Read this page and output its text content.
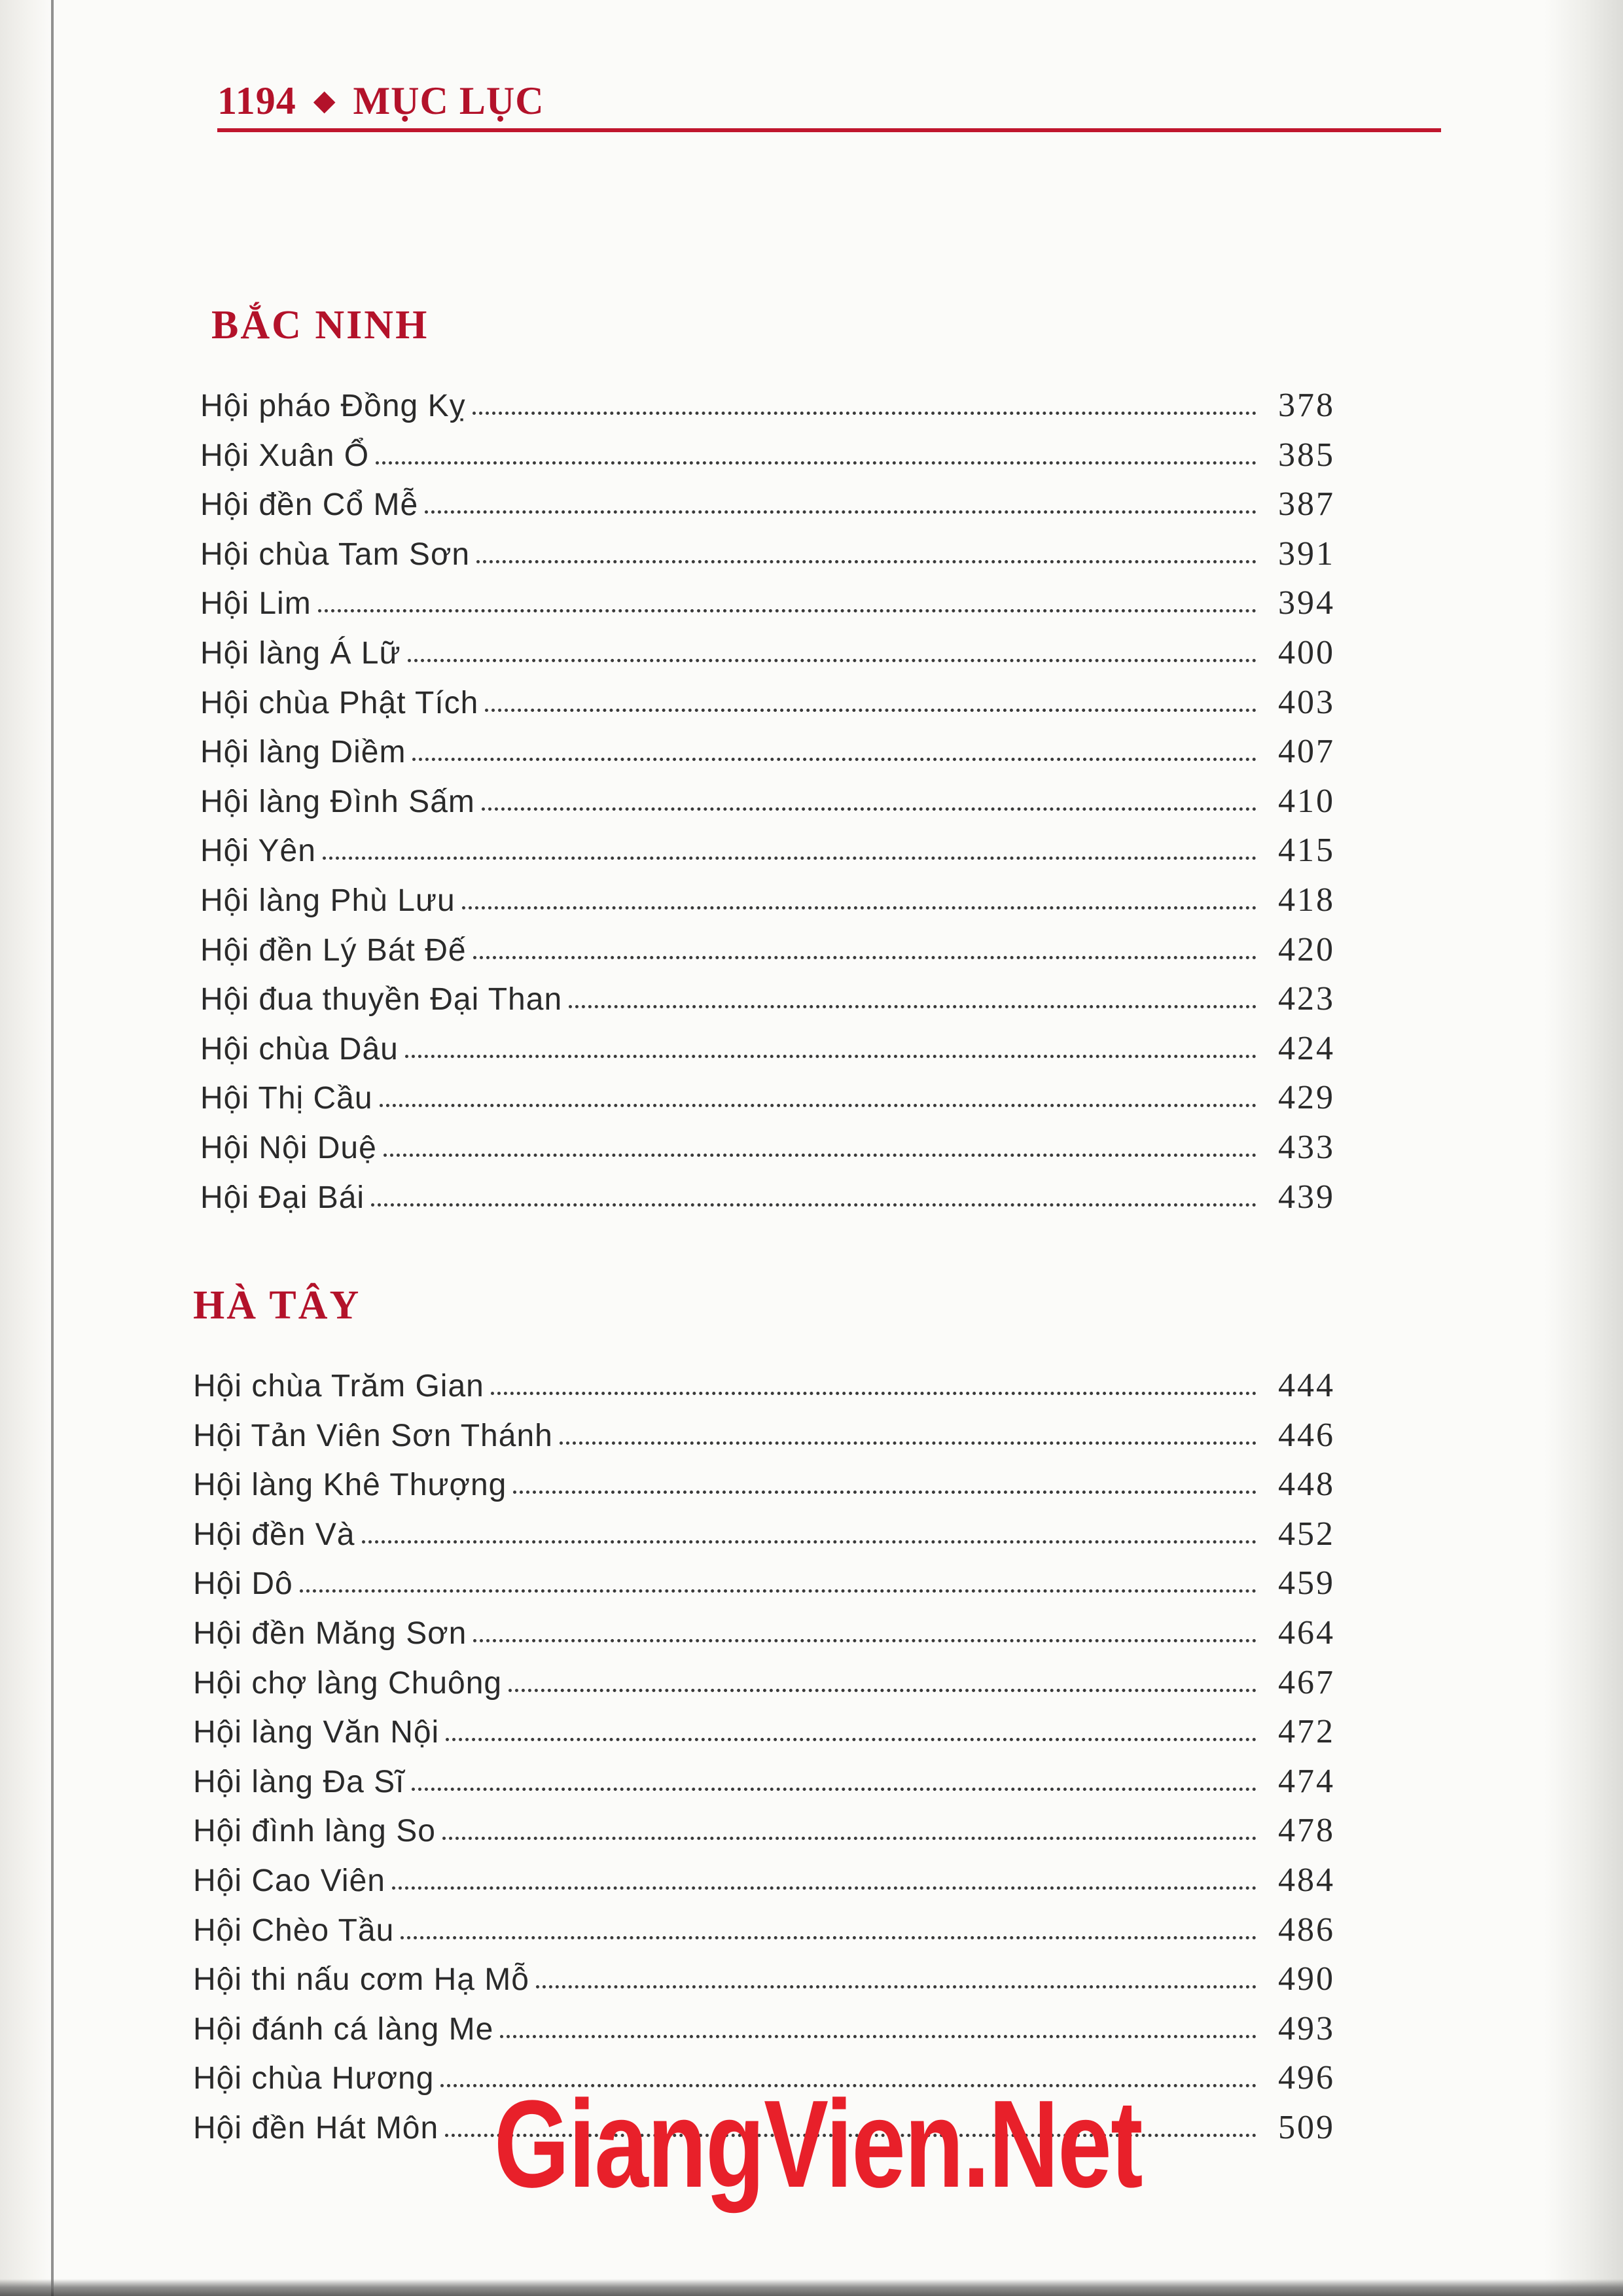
1194 ◆ MỤC LỤC
BẮC NINH
Hội pháo Đồng Kỵ	378
Hội Xuân Ổ	385
Hội đền Cổ Mễ	387
Hội chùa Tam Sơn	391
Hội Lim	394
Hội làng Á Lữ	400
Hội chùa Phật Tích	403
Hội làng Diềm	407
Hội làng Đình Sấm	410
Hội Yên	415
Hội làng Phù Lưu	418
Hội đền Lý Bát Đế	420
Hội đua thuyền Đại Than	423
Hội chùa Dâu	424
Hội Thị Cầu	429
Hội Nội Duệ	433
Hội Đại Bái	439
HÀ TÂY
Hội chùa Trăm Gian	444
Hội Tản Viên Sơn Thánh	446
Hội làng Khê Thượng	448
Hội đền Và	452
Hội Dô	459
Hội đền Măng Sơn	464
Hội chợ làng Chuông	467
Hội làng Văn Nội	472
Hội làng Đa Sĩ	474
Hội đình làng So	478
Hội Cao Viên	484
Hội Chèo Tầu	486
Hội thi nấu cơm Hạ Mỗ	490
Hội đánh cá làng Me	493
Hội chùa Hương	496
Hội đền Hát Môn	509
GiangVien.Net
